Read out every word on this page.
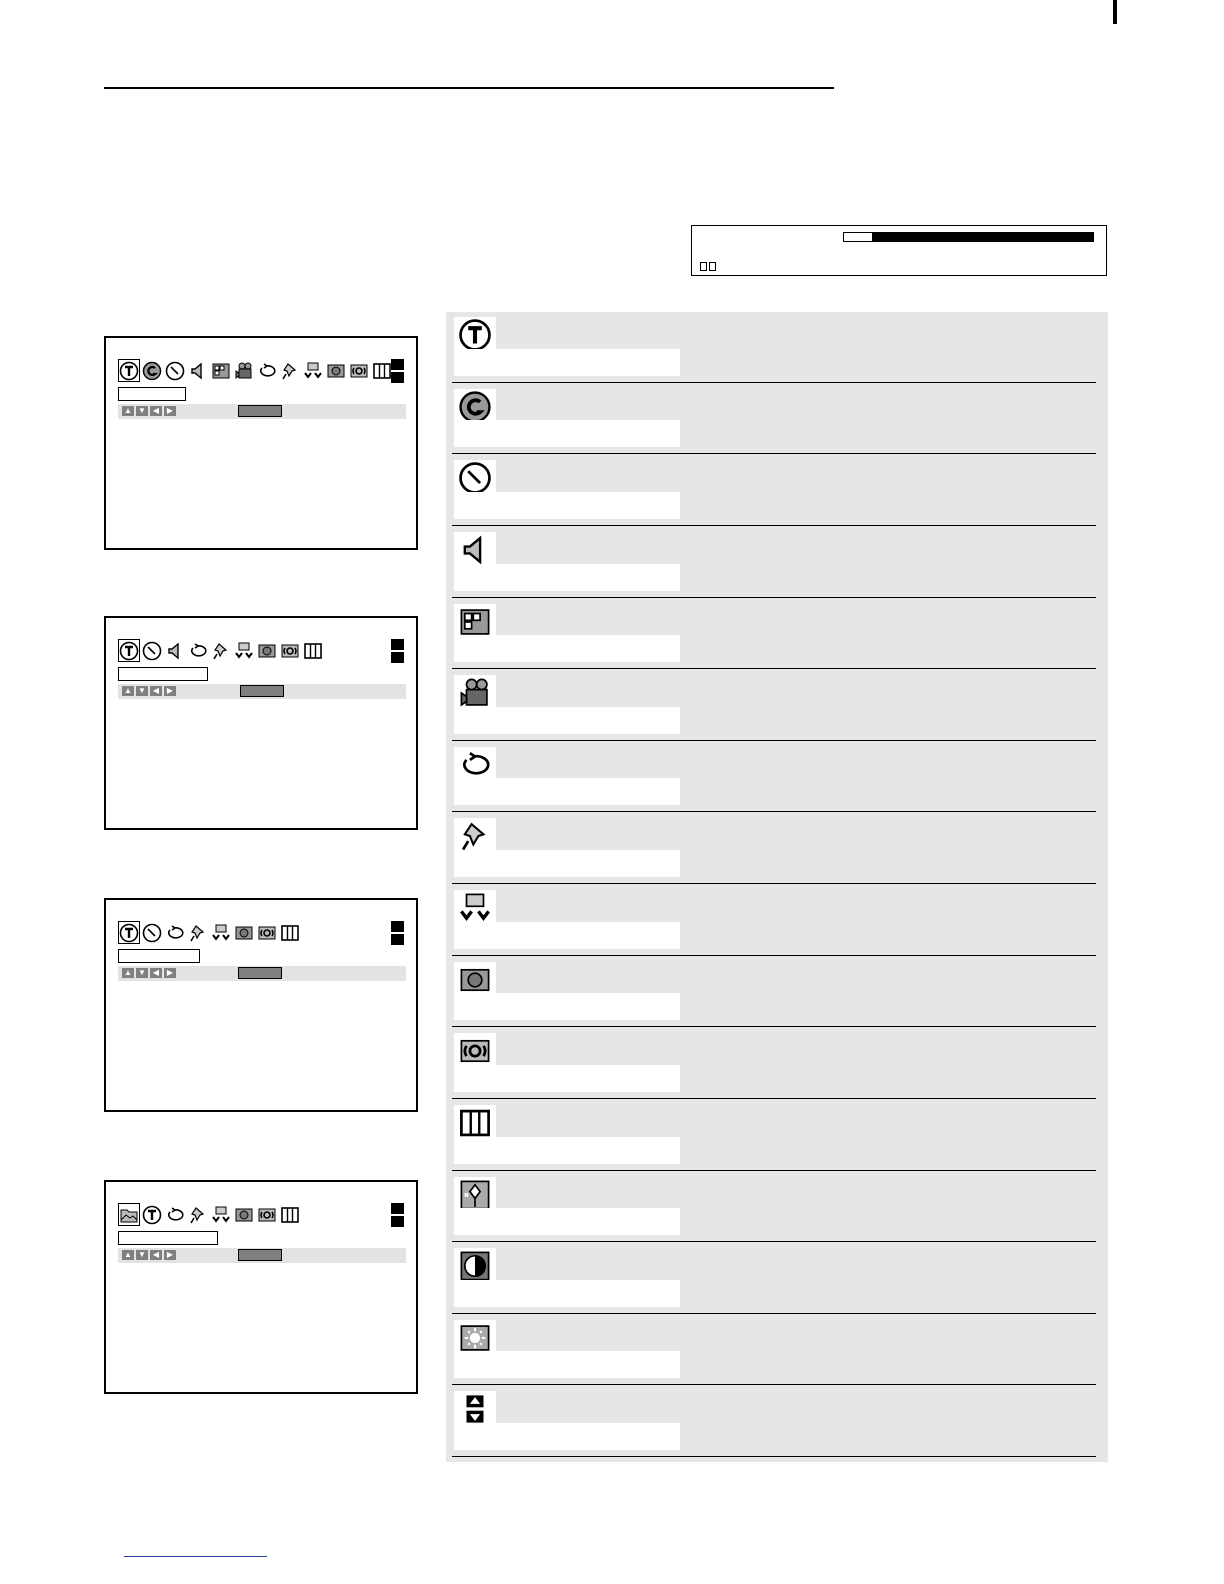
▲ ▼ ◀ ▶
▲ ▼ ◀ ▶
▲ ▼ ◀ ▶
▲ ▼ ◀ ▶
